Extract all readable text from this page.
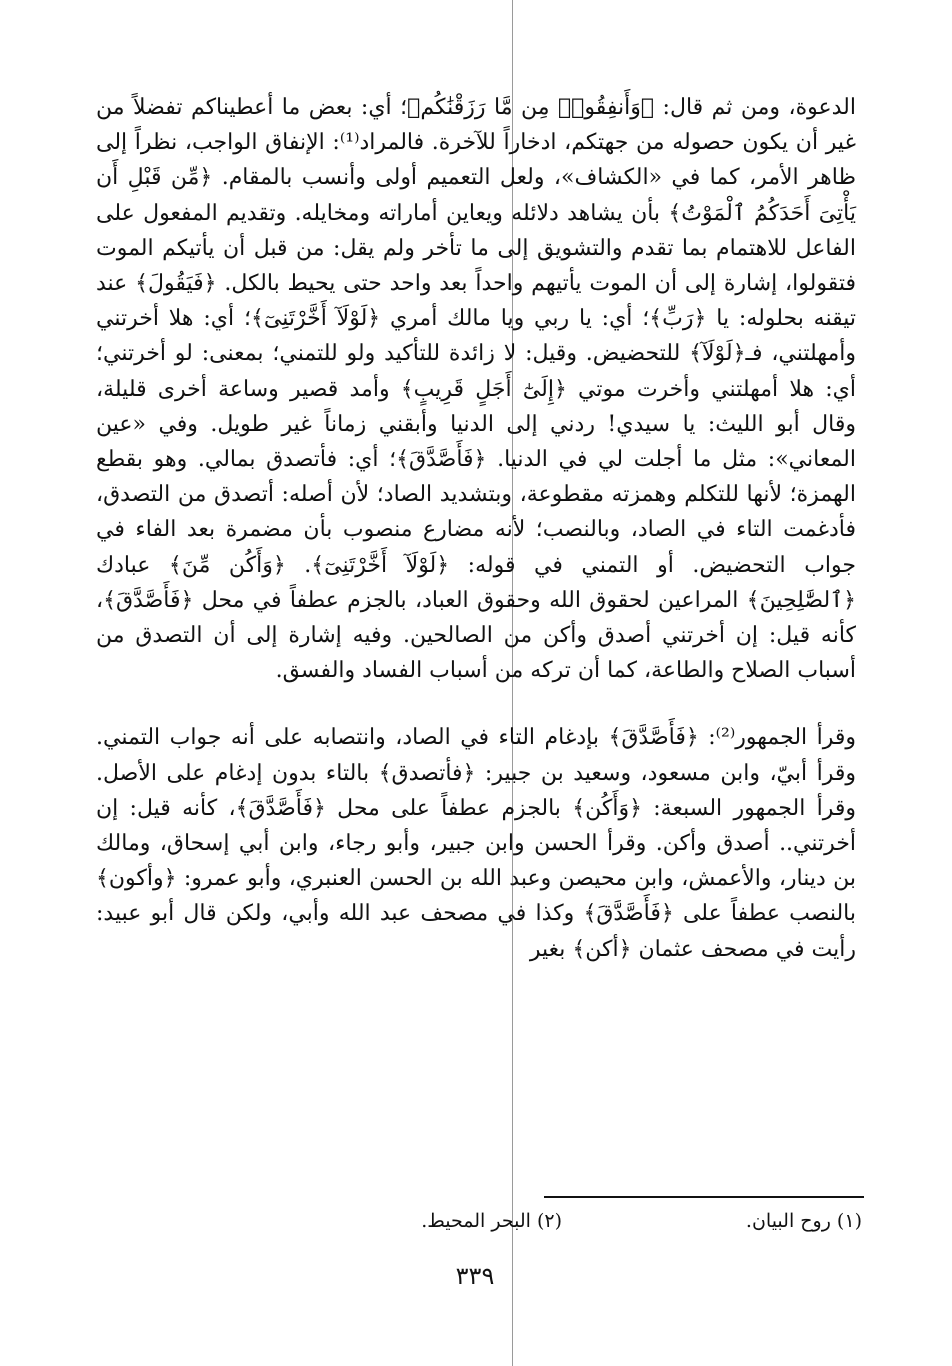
الدعوة، ومن ثم قال: ﴿وَأَنفِقُوا۟ مِن مَّا رَزَقْنَٰكُم﴾؛ أي: بعض ما أعطيناكم تفضلاً من غير أن يكون حصوله من جهتكم، ادخاراً للآخرة. فالمراد⁽¹⁾: الإنفاق الواجب، نظراً إلى ظاهر الأمر، كما في «الكشاف»، ولعل التعميم أولى وأنسب بالمقام. ﴿مِّن قَبْلِ أَن يَأْتِىَ أَحَدَكُمُ ٱلْمَوْتُ﴾ بأن يشاهد دلائله ويعاين أماراته ومخايله. وتقديم المفعول على الفاعل للاهتمام بما تقدم والتشويق إلى ما تأخر ولم يقل: من قبل أن يأتيكم الموت فتقولوا، إشارة إلى أن الموت يأتيهم واحداً بعد واحد حتى يحيط بالكل. ﴿فَيَقُولَ﴾ عند تيقنه بحلوله: يا ﴿رَبِّ﴾؛ أي: يا ربي ويا مالك أمري ﴿لَوْلَآ أَخَّرْتَنِىٓ﴾؛ أي: هلا أخرتني وأمهلتني، فـ﴿لَوْلَآ﴾ للتحضيض. وقيل: لا زائدة للتأكيد ولو للتمني؛ بمعنى: لو أخرتني؛ أي: هلا أمهلتني وأخرت موتي ﴿إِلَىٰٓ أَجَلٍ قَرِيبٍ﴾ وأمد قصير وساعة أخرى قليلة، وقال أبو الليث: يا سيدي! ردني إلى الدنيا وأبقني زماناً غير طويل. وفي «عين المعاني»: مثل ما أجلت لي في الدنيا. ﴿فَأَصَّدَّقَ﴾؛ أي: فأتصدق بمالي. وهو بقطع الهمزة؛ لأنها للتكلم وهمزته مقطوعة، وبتشديد الصاد؛ لأن أصله: أتصدق من التصدق، فأدغمت التاء في الصاد، وبالنصب؛ لأنه مضارع منصوب بأن مضمرة بعد الفاء في جواب التحضيض. أو التمني في قوله: ﴿لَوْلَآ أَخَّرْتَنِىٓ﴾. ﴿وَأَكُن مِّنَ﴾ عبادك ﴿ٱلصَّٰلِحِينَ﴾ المراعين لحقوق الله وحقوق العباد، بالجزم عطفاً في محل ﴿فَأَصَّدَّقَ﴾، كأنه قيل: إن أخرتني أصدق وأكن من الصالحين. وفيه إشارة إلى أن التصدق من أسباب الصلاح والطاعة، كما أن تركه من أسباب الفساد والفسق.

وقرأ الجمهور⁽²⁾: ﴿فَأَصَّدَّقَ﴾ بإدغام التاء في الصاد، وانتصابه على أنه جواب التمني. وقرأ أبيّ، وابن مسعود، وسعيد بن جبير: ﴿فأتصدق﴾ بالتاء بدون إدغام على الأصل. وقرأ الجمهور السبعة: ﴿وَأَكُن﴾ بالجزم عطفاً على محل ﴿فَأَصَّدَّقَ﴾، كأنه قيل: إن أخرتني.. أصدق وأكن. وقرأ الحسن وابن جبير، وأبو رجاء، وابن أبي إسحاق، ومالك بن دينار، والأعمش، وابن محيصن وعبد الله بن الحسن العنبري، وأبو عمرو: ﴿وأكون﴾ بالنصب عطفاً على ﴿فَأَصَّدَّقَ﴾ وكذا في مصحف عبد الله وأبي، ولكن قال أبو عبيد: رأيت في مصحف عثمان ﴿أكن﴾ بغير

(١) روح البيان.
(٢) البحر المحيط.
٣٣٩
